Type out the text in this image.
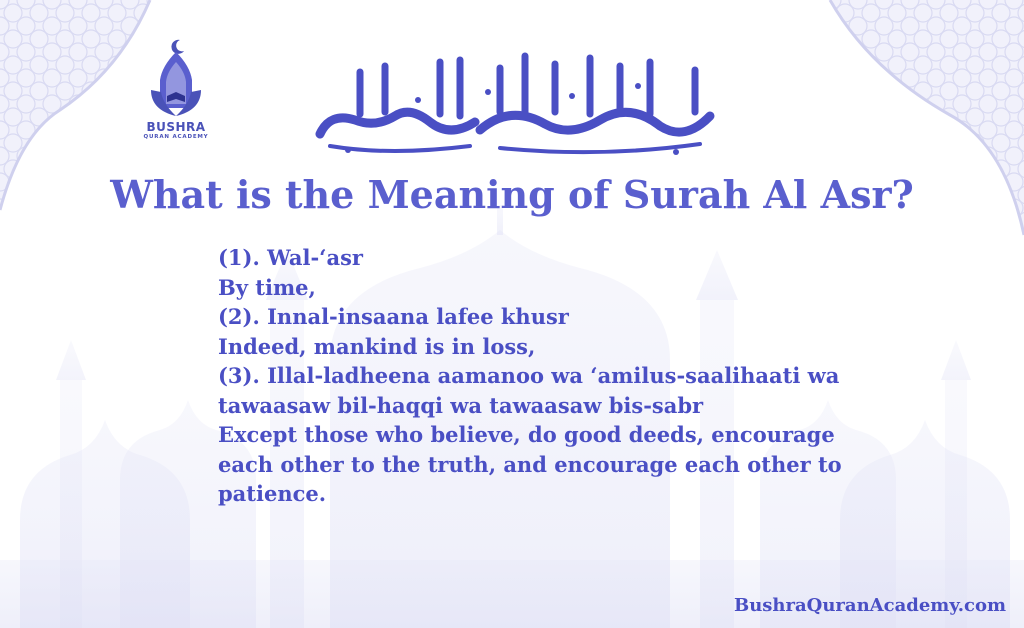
BUSHRA
QURAN ACADEMY
What is the Meaning of Surah Al Asr?
(1). Wal-‘asr
By time,
(2). Innal-insaana lafee khusr
Indeed, mankind is in loss,
(3). Illal-ladheena aamanoo wa ‘amilus-saalihaati wa
tawaasaw bil-haqqi wa tawaasaw bis-sabr
Except those who believe, do good deeds, encourage
each other to the truth, and encourage each other to
patience.
BushraQuranAcademy.com
